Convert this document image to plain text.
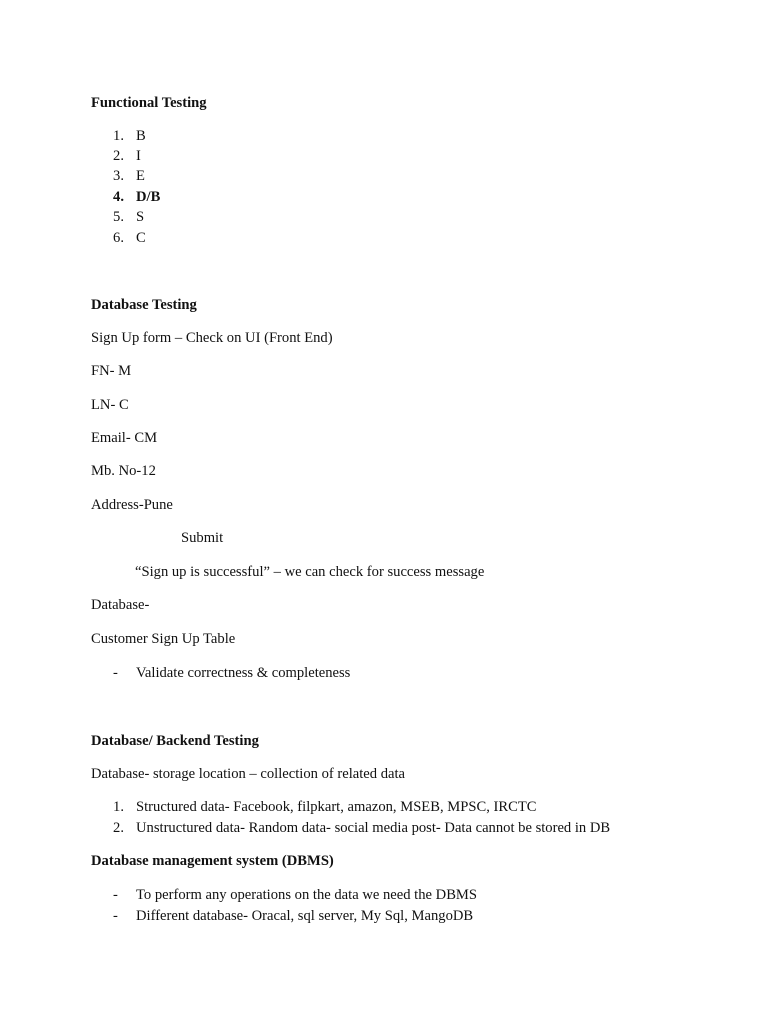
Functional Testing
1. B
2. I
3. E
4. D/B
5. S
6. C
Database Testing
Sign Up form – Check on UI (Front End)
FN- M
LN- C
Email- CM
Mb. No-12
Address-Pune
Submit
“Sign up is successful” – we can check for success message
Database-
Customer Sign Up Table
- Validate correctness & completeness
Database/ Backend Testing
Database- storage location – collection of related data
1. Structured data- Facebook, filpkart, amazon, MSEB, MPSC, IRCTC
2. Unstructured data- Random data- social media post- Data cannot be stored in DB
Database management system (DBMS)
- To perform any operations on the data we need the DBMS
- Different database- Oracal, sql server, My Sql, MangoDB
